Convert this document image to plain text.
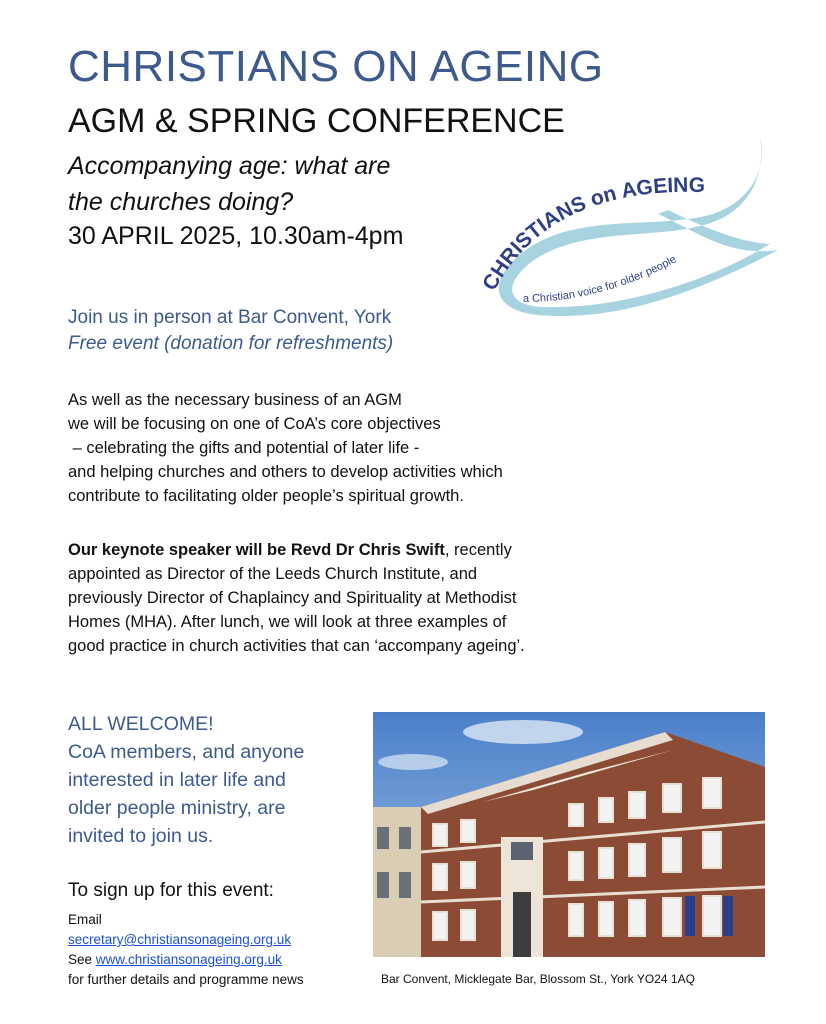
CHRISTIANS ON AGEING
AGM & SPRING CONFERENCE
Accompanying age: what are
the churches doing?
30 APRIL 2025, 10.30am-4pm
CHRISTIANS on AGEING
a Christian voice for older people
Join us in person at Bar Convent, York
Free event (donation for refreshments)
As well as the necessary business of an AGM
we will be focusing on one of CoA’s core objectives
– celebrating the gifts and potential of later life -
and helping churches and others to develop activities which
contribute to facilitating older people’s spiritual growth.
Our keynote speaker will be Revd Dr Chris Swift, recently
appointed as Director of the Leeds Church Institute, and
previously Director of Chaplaincy and Spirituality at Methodist
Homes (MHA). After lunch, we will look at three examples of
good practice in church activities that can ‘accompany ageing’.
ALL WELCOME!
CoA members, and anyone
interested in later life and
older people ministry, are
invited to join us.
To sign up for this event:
Email
secretary@christiansonageing.org.uk
See www.christiansonageing.org.uk
for further details and programme news	Bar Convent, Micklegate Bar, Blossom St., York YO24 1AQ
